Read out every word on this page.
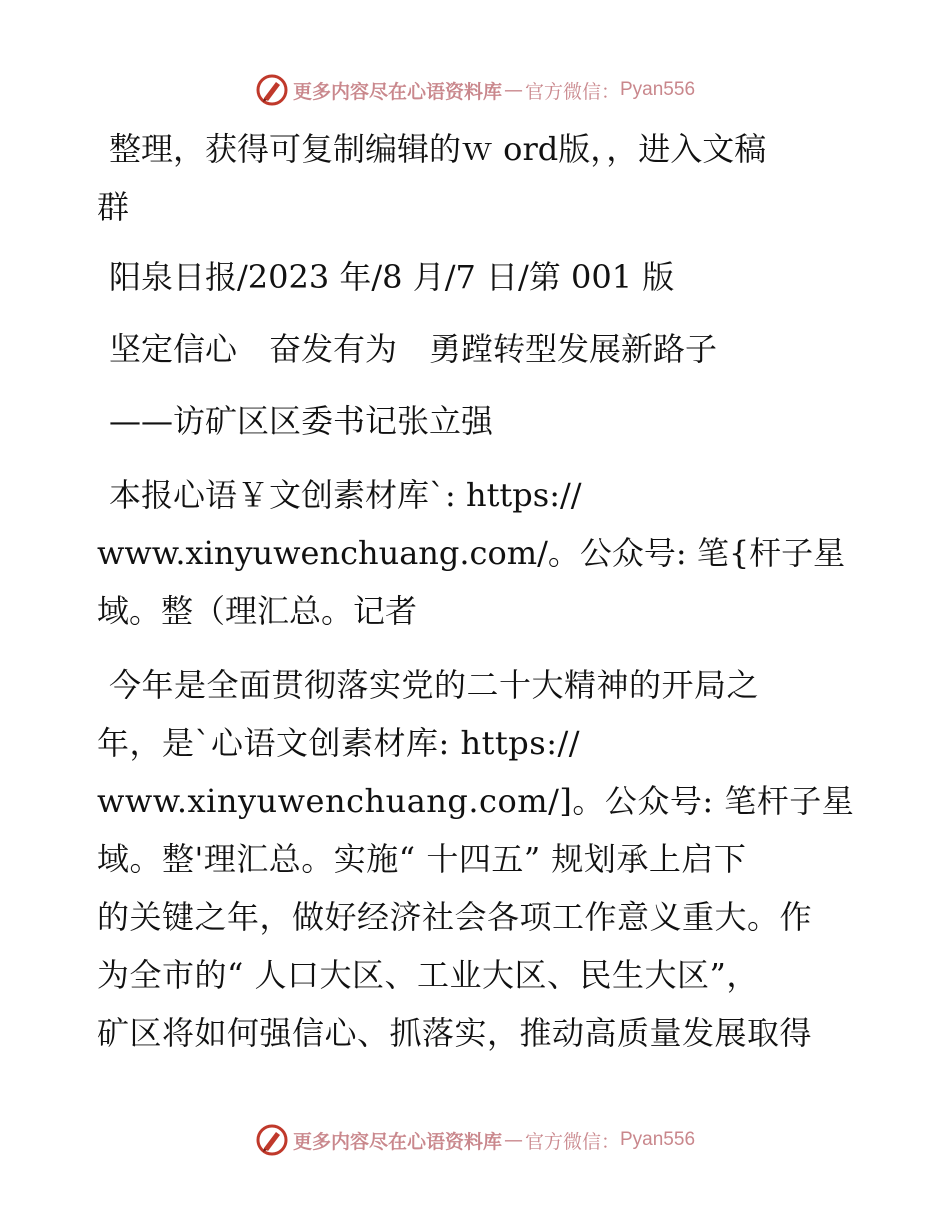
更多内容尽在心语资料库 — 官方微信： Pyan556

整理，获得可复制编辑的ｗ ord版，，进入文稿

群

阳泉日报/2023 年/8 月/7 日/第 001 版

坚定信心　奋发有为　勇蹚转型发展新路子

——访矿区区委书记张立强

本报心语￥文创素材库`: https://

www.xinyuwenchuang.com/。公众号: 笔{杆子星

域。整（理汇总。记者

今年是全面贯彻落实党的二十大精神的开局之

年，是`心语文创素材库: https://

www.xinyuwenchuang.com/]。公众号: 笔杆子星

域。整'理汇总。实施“ 十四五” 规划承上启下

的关键之年，做好经济社会各项工作意义重大。作

为全市的“ 人口大区、工业大区、民生大区”，

矿区将如何强信心、抓落实，推动高质量发展取得

更多内容尽在心语资料库 — 官方微信： Pyan556
